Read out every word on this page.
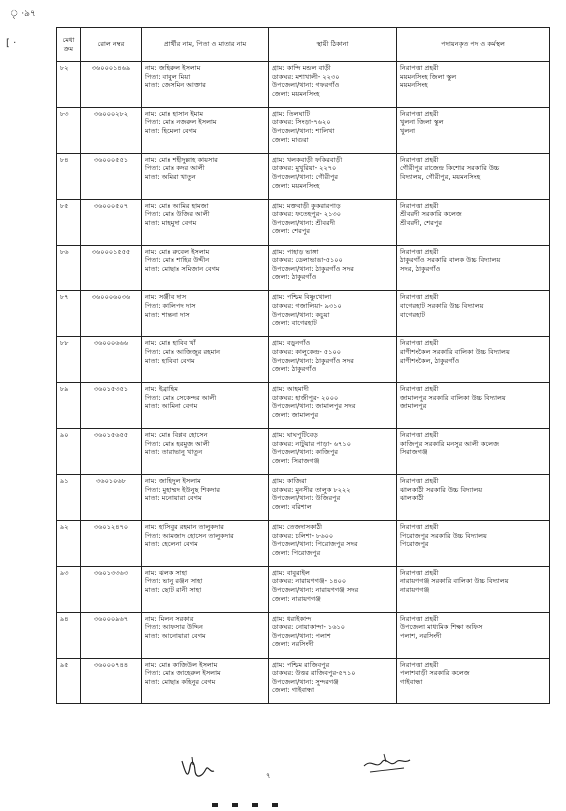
ৃ ·৯৭
[ ·	মেধা ক্রম	রোল নম্বর	প্রার্থীর নাম, পিতা ও মাতার নাম	স্থায়ী ঠিকানা	পদায়নকৃত পদ ও কর্মস্থল
৮২	৩৬০০০১৪৬৯	নাম: জহিরুল ইসলাম
পিতা: বাবুল মিয়া
মাতা: জেসমিন আক্তার	গ্রাম: কান্দি মন্ডল বাড়ী
ডাকঘর: মশাখালী- ২২৩০
উপজেলা/থানা: গফরগাঁও
জেলা: ময়মনসিংহ	নিরাপত্তা প্রহরী
ময়মনসিংহ জিলা স্কুল
ময়মনসিংহ

৮৩	৩৬০০০২৮২	নাম: মোঃ হাসান ইমাম
পিতা: মোঃ নজরুল ইসলাম
মাতা: হিমেলা বেগম	গ্রাম: তিলঘাটি
ডাকঘর: সিংড়া-৭৬২০
উপজেলা/থানা: শালিখা
জেলা: মাগুরা	নিরাপত্তা প্রহরী
খুলনা জিলা স্কুল
খুলনা

৮৪	৩৬০০০৫৫১	নাম: মোঃ শহীদুল্লাহ কায়সার
পিতা: মোঃ কদর আলী
মাতা: অমিরা খাতুন	গ্রাম: খলকবাড়ী ফকিরবাড়ী
ডাকঘর: মুখুরিয়া- ২২৭০
উপজেলা/থানা: গৌরীপুর
জেলা: ময়মনসিংহ	নিরাপত্তা প্রহরী
গৌরীপুর রাজেন্দ্র কিশোর সরকারি উচ্চ
বিদ্যালয়, গৌরীপুর, ময়মনসিংহ

৮৫	৩৬০০০৫০৭	নাম: মোঃ আমির হামজা
পিতা: মোঃ উজির আলী
মাতা: মাহমুদা বেগম	গ্রাম: মক্তবাড়ী কুকরারপাড়
ডাকঘর: ফতেহপুর- ২১৩০
উপজেলা/থানা: শ্রীবরদী
জেলা: শেরপুর	নিরাপত্তা প্রহরী
শ্রীবরদী সরকারি কলেজ
শ্রীবরদী, শেরপুর

৮৬	৩৬০০০১৫৫৫	নাম: মোঃ রুবেল ইসলাম
পিতা: মোঃ শাহির উদ্দীন
মাতা: মোছাঃ সমিজান বেগম	গ্রাম: পাহাড় ভাঙ্গা
ডাকঘর: ডেলাভাঙা-৫১০০
উপজেলা/থানা: ঠাকুরগাঁও সদর
জেলা: ঠাকুরগাঁও	নিরাপত্তা প্রহরী
ঠাকুরগাঁও সরকারি বালক উচ্চ বিদ্যালয়
সদর, ঠাকুরগাঁও

৮৭	৩৬০০০৬০৩৬	নাম: সঞ্জীব দাস
পিতা: কালিপদ দাস
মাতা: শান্তনা দাস	গ্রাম: পশ্চিম বিষ্ণুখোলা
ডাকঘর: গজালিয়া- ৯৩১০
উপজেলা/থানা: কচুয়া
জেলা: বাগেরহাট	নিরাপত্তা প্রহরী
বাগেরহাট সরকারি উচ্চ বিদ্যালয়
বাগেরহাট

৮৮	৩৬০০০৬৬৬	নাম: মোঃ হাবিব খাঁ
পিতা: মোঃ আজিজুর রহমান
মাতা: হাবিবা বেগম	গ্রাম: বড়ুনগাঁও
ডাকঘর: কালুকেন্দ্র- ৫১০০
উপজেলা/থানা: ঠাকুরগাঁও সদর
জেলা: ঠাকুরগাঁও	নিরাপত্তা প্রহরী
রাণীশংকৈল সরকারি বালিকা উচ্চ বিদ্যালয়
রাণীশংকৈল, ঠাকুরগাঁও

৮৯	৩৬০১৫৩৫১	নাম: ইব্রাহিম
পিতা: মোঃ সেকেন্দর আলী
মাতা: আমিনা বেগম	গ্রাম: আহমাদী
ডাকঘর: হাজীপুর- ২০০০
উপজেলা/থানা: জামালপুর সদর
জেলা: জামালপুর	নিরাপত্তা প্রহরী
জামালপুর সরকারি বালিকা উচ্চ বিদ্যালয়
জামালপুর

৯০	৩৬০১৫৬৫৫	নাম: মোঃ বিপ্লব হোসেন
পিতা: মোঃ হরমুজ আলী
মাতা: তারাভানু খাতুন	গ্রাম: ঘাঘপুটিবেড়
ডাকঘর: নাটুয়ার পাড়া- ৬৭১০
উপজেলা/থানা: কাজিপুর
জেলা: সিরাজগঞ্জ	নিরাপত্তা প্রহরী
কাজিপুর সরকারি মনসুর আলী কলেজ
সিরাজগঞ্জ

৯১	৩৬০১০৬৮	নাম: জাহিদুল ইসলাম
পিতা: মুহাম্মদ ইউনুছ শিকদার
মাতা: মনোয়ারা বেগম	গ্রাম: কাজিরা
ডাকঘর: মুনসীর তালুক ৮২২২
উপজেলা/থানা: উজিরপুর
জেলা: বরিশাল	নিরাপত্তা প্রহরী
ঝালকাঠী সরকারি উচ্চ বিদ্যালয়
ঝালকাঠী

৯২	৩৬০১২৪৭০	নাম: হাসিবুর রহমান তালুকদার
পিতা: আমজাদ হোসেন তালুকদার
মাতা: হেলেনা বেগম	গ্রাম: তেজদাসকাঠী
ডাকঘর: চলিশা- ৮৬০০
উপজেলা/থানা: পিরোজপুর সদর
জেলা: পিরোজপুর	নিরাপত্তা প্রহরী
পিরোজপুর সরকারি উচ্চ বিদ্যালয়
পিরোজপুর

৯৩	৩৬০১৩৩৬৩	নাম: ঝলক সাহা
পিতা: ভানু রঞ্জন সাহা
মাতা: ছোট রানী সাহা	গ্রাম: বাবুরাইল
ডাকঘর: নারায়ণগঞ্জ- ১৪০০
উপজেলা/থানা: নারায়ণগঞ্জ সদর
জেলা: নারায়ণগঞ্জ	নিরাপত্তা প্রহরী
নারায়ণগঞ্জ সরকারি বালিকা উচ্চ বিদ্যালয়
নারায়ণগঞ্জ

৯৪	৩৬০০০৯৬৭	নাম: মিলন সরকার
পিতা: আফসার উদ্দিন
মাতা: আনোয়ারা বেগম	গ্রাম: ধরাইকান্দ
ডাকঘর: নোয়াকান্দা- ১৬১০
উপজেলা/থানা: পলাশ
জেলা: নরসিংদী	নিরাপত্তা প্রহরী
উপজেলা মাধ্যমিক শিক্ষা অফিস
পলাশ, নরসিংদী

৯৫	৩৬০০০৭৪৪	নাম: মোঃ কাজিউল ইসলাম
পিতা: মোঃ জাহেরুল ইসলাম
মাতা: মোছাঃ কহিনুর বেগম	গ্রাম: পশ্চিম রাজিবপুর
ডাকঘর: উত্তর রাজিবপুর-৫৭১০
উপজেলা/থানা: সুন্দরগঞ্জ
জেলা: গাইবান্ধা	নিরাপত্তা প্রহরী
পলাশবাড়ী সরকারি কলেজ
গাইবান্ধা
৭
